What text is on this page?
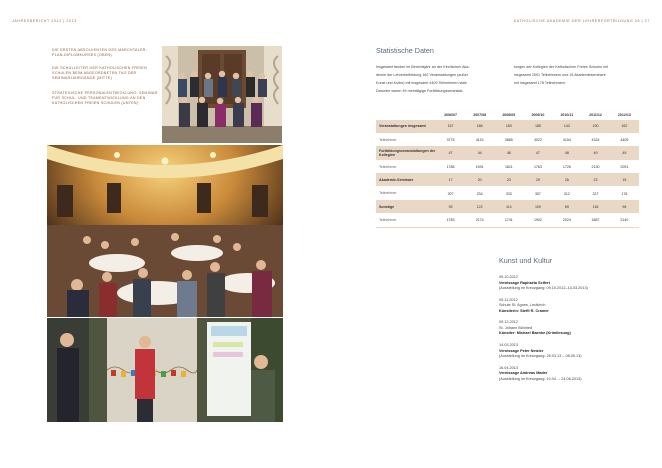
JAHRESBERICHT 2012 | 2013	KATHOLISCHE AKADEMIE DER LEHRERFORTBILDUNG 26 | 27
DIE ERSTEN ABSOLVENTEN DES MARCHTALER-PLAN-DIPLOMKURSES (OBEN)
DIE SCHULLEITER DER KATHOLISCHEN FREIEN SCHULEN BEIM ABGEORDNETEN TAG DER SEMINARJAHRGÄNGE (MITTE)
STRATEGISCHE PERSONALENTWICKLUNG: SEMINAR FÜR SCHUL- UND TEAMENTWICKLUNG AN DEN KATHOLISCHEN FREIEN SCHULEN (UNTEN)
Statistische Daten
Insgesamt fanden im Berichtsjahr an der Kirchlichen Aka-
demie der Lehrerfortbildung 162 Veranstaltungen (außer
Kunst und Kultur) mit insgesamt 4409 Teilnehmern statt.
Darunter waren 49 mehrtägige Fortbildungsveranstal-
tungen der Kollegien der Katholischen Freien Schulen mit
insgesamt 2091 Teilnehmern und 15 Akademieseminare
mit insgesamt 178 Teilnehmern.
	2006/07	2007/08	2008/09	2009/10	2010/11	2011/12	2012/13
Veranstaltungen insgesamt	157	186	183	185	143	190	162
Teilnehmer	3778	4115	3885	4022	4154	4324	4409
Fortbildungsveranstaltungen der Kollegien	47	44	46	47	48	49	49
Teilnehmer	1788	1591	1811	1763	1726	2130	2091
Akademie-Seminare	17	20	23	29	26	23	15
Teilnehmer	207	234	333	357	312	327	178
Sonstige	93	122	114	109	69	118	98
Teilnehmer	1783	2174	1741	1902	2024	1867	2140
Kunst und Kultur
09.10.2012
Vernissage Raphaela Seifert
(Ausstellung im Kreuzgang: 09.10.2012–13.03.2013)
05.11.2012
Schule St. Agnes, Leutkirch
Künstlerin: Steffi R. Cramer
09.12.2012
St. Johann Blönried
Künstler: Michael Baenke (Krimilesung)
14.03.2013
Vernissage Peter Netzler
(Ausstellung im Kreuzgang: 26.03.13 – 08.05.13)
16.04.2013
Vernissage Andreas Mader
(Ausstellung im Kreuzgang: 10.04. – 24.06.2013)
